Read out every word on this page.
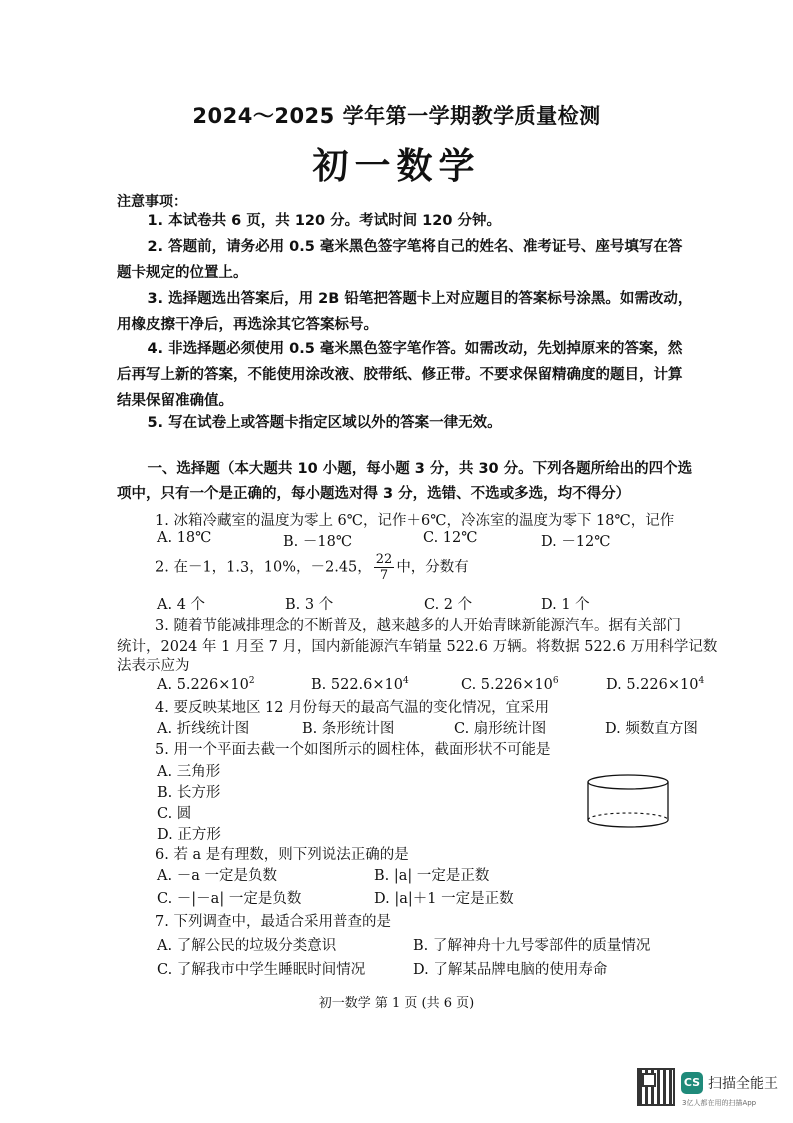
2024～2025 学年第一学期教学质量检测
初一数学
注意事项：
1. 本试卷共 6 页，共 120 分。考试时间 120 分钟。
2. 答题前，请务必用 0.5 毫米黑色签字笔将自己的姓名、准考证号、座号填写在答题卡规定的位置上。
3. 选择题选出答案后，用 2B 铅笔把答题卡上对应题目的答案标号涂黑。如需改动，用橡皮擦干净后，再选涂其它答案标号。
4. 非选择题必须使用 0.5 毫米黑色签字笔作答。如需改动，先划掉原来的答案，然后再写上新的答案，不能使用涂改液、胶带纸、修正带。不要求保留精确度的题目，计算结果保留准确值。
5. 写在试卷上或答题卡指定区域以外的答案一律无效。
一、选择题（本大题共 10 小题，每小题 3 分，共 30 分。下列各题所给出的四个选项中，只有一个是正确的，每小题选对得 3 分，选错、不选或多选，均不得分）
1. 冰箱冷藏室的温度为零上 6℃，记作＋6℃，冷冻室的温度为零下 18℃，记作
A. 18℃	B. －18℃	C. 12℃	D. －12℃
2. 在－1，1.3，10%，－2.45， $\frac{22}{7}$ 中，分数有
A. 4 个	B. 3 个	C. 2 个	D. 1 个
3. 随着节能减排理念的不断普及，越来越多的人开始青睐新能源汽车。据有关部门
统计，2024 年 1 月至 7 月，国内新能源汽车销量 522.6 万辆。将数据 522.6 万用科学记数
法表示应为
A. $5.226\times 10^2$	B. $522.6\times 10^4$	C. $5.226\times 10^6$	D. $5.226\times 10^4$
4. 要反映某地区 12 月份每天的最高气温的变化情况，宜采用
A. 折线统计图	B. 条形统计图	C. 扇形统计图	D. 频数直方图
5. 用一个平面去截一个如图所示的圆柱体，截面形状不可能是
A. 三角形
B. 长方形
C. 圆
D. 正方形
6. 若 a 是有理数，则下列说法正确的是
A. －a 一定是负数	B. |a| 一定是正数
C. －|－a| 一定是负数	D. |a|＋1 一定是正数
7. 下列调查中，最适合采用普查的是
A. 了解公民的垃圾分类意识	B. 了解神舟十九号零部件的质量情况
C. 了解我市中学生睡眠时间情况	D. 了解某品牌电脑的使用寿命
初一数学 第 1 页 (共 6 页)
CS 扫描全能王
3亿人都在用的扫描App
